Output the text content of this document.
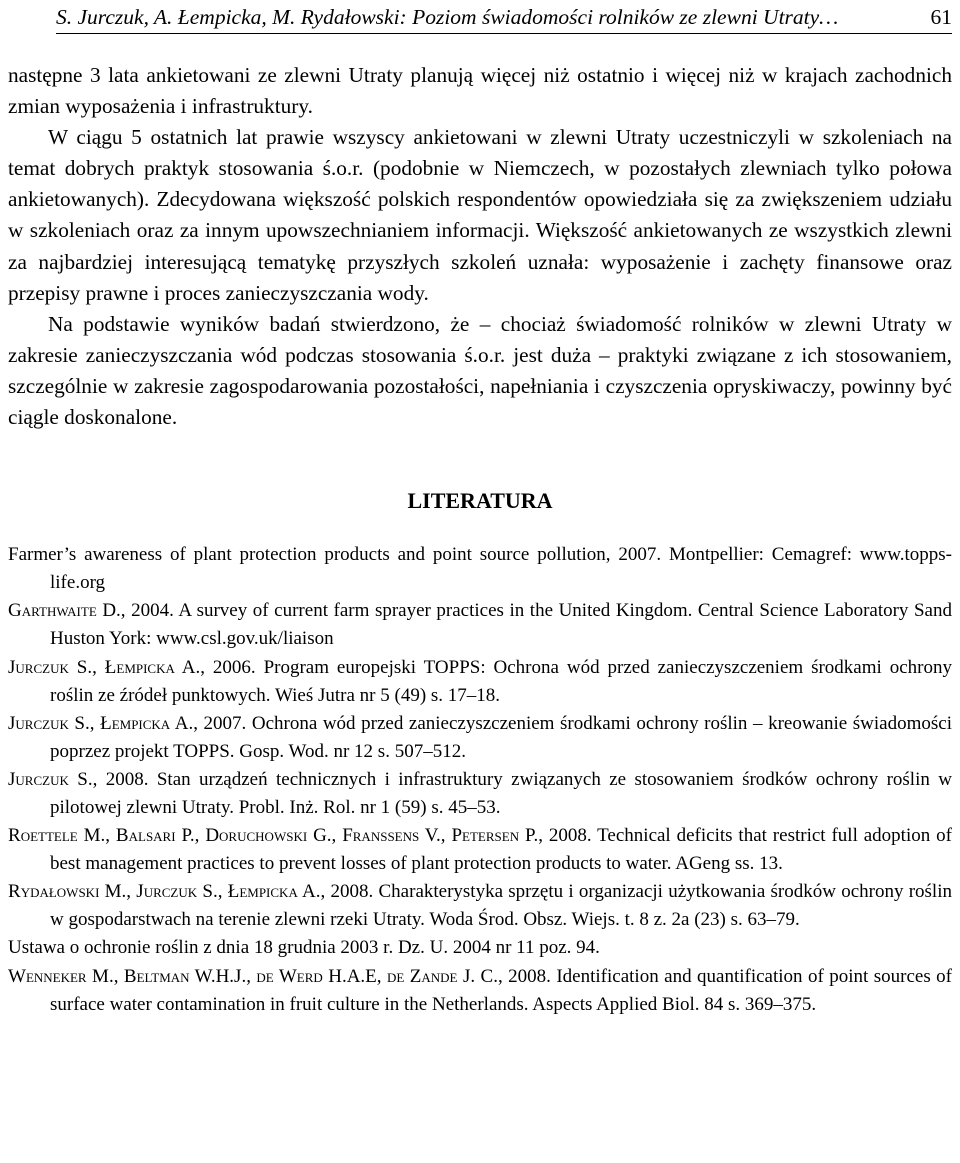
S. Jurczuk, A. Łempicka, M. Rydałowski: Poziom świadomości rolników ze zlewni Utraty…	61

następne 3 lata ankietowani ze zlewni Utraty planują więcej niż ostatnio i więcej niż w krajach zachodnich zmian wyposażenia i infrastruktury.

W ciągu 5 ostatnich lat prawie wszyscy ankietowani w zlewni Utraty uczestniczyli w szkoleniach na temat dobrych praktyk stosowania ś.o.r. (podobnie w Niemczech, w pozostałych zlewniach tylko połowa ankietowanych). Zdecydowana większość polskich respondentów opowiedziała się za zwiększeniem udziału w szkoleniach oraz za innym upowszechnianiem informacji. Większość ankietowanych ze wszystkich zlewni za najbardziej interesującą tematykę przyszłych szkoleń uznała: wyposażenie i zachęty finansowe oraz przepisy prawne i proces zanieczyszczania wody.

Na podstawie wyników badań stwierdzono, że – chociaż świadomość rolników w zlewni Utraty w zakresie zanieczyszczania wód podczas stosowania ś.o.r. jest duża – praktyki związane z ich stosowaniem, szczególnie w zakresie zagospodarowania pozostałości, napełniania i czyszczenia opryskiwaczy, powinny być ciągle doskonalone.

LITERATURA

Farmer’s awareness of plant protection products and point source pollution, 2007. Montpellier: Cemagref: www.topps-life.org

Garthwaite D., 2004. A survey of current farm sprayer practices in the United Kingdom. Central Science Laboratory Sand Huston York: www.csl.gov.uk/liaison

Jurczuk S., Łempicka A., 2006. Program europejski TOPPS: Ochrona wód przed zanieczyszczeniem środkami ochrony roślin ze źródeł punktowych. Wieś Jutra nr 5 (49) s. 17–18.

Jurczuk S., Łempicka A., 2007. Ochrona wód przed zanieczyszczeniem środkami ochrony roślin – kreowanie świadomości poprzez projekt TOPPS. Gosp. Wod. nr 12 s. 507–512.

Jurczuk S., 2008. Stan urządzeń technicznych i infrastruktury związanych ze stosowaniem środków ochrony roślin w pilotowej zlewni Utraty. Probl. Inż. Rol. nr 1 (59) s. 45–53.

Roettele M., Balsari P., Doruchowski G., Franssens V., Petersen P., 2008. Technical deficits that restrict full adoption of best management practices to prevent losses of plant protection products to water. AGeng ss. 13.

Rydałowski M., Jurczuk S., Łempicka A., 2008. Charakterystyka sprzętu i organizacji użytkowania środków ochrony roślin w gospodarstwach na terenie zlewni rzeki Utraty. Woda Środ. Obsz. Wiejs. t. 8 z. 2a (23) s. 63–79.

Ustawa o ochronie roślin z dnia 18 grudnia 2003 r. Dz. U. 2004 nr 11 poz. 94.

Wenneker M., Beltman W.H.J., de Werd H.A.E, de Zande J. C., 2008. Identification and quantification of point sources of surface water contamination in fruit culture in the Netherlands. Aspects Applied Biol. 84 s. 369–375.
